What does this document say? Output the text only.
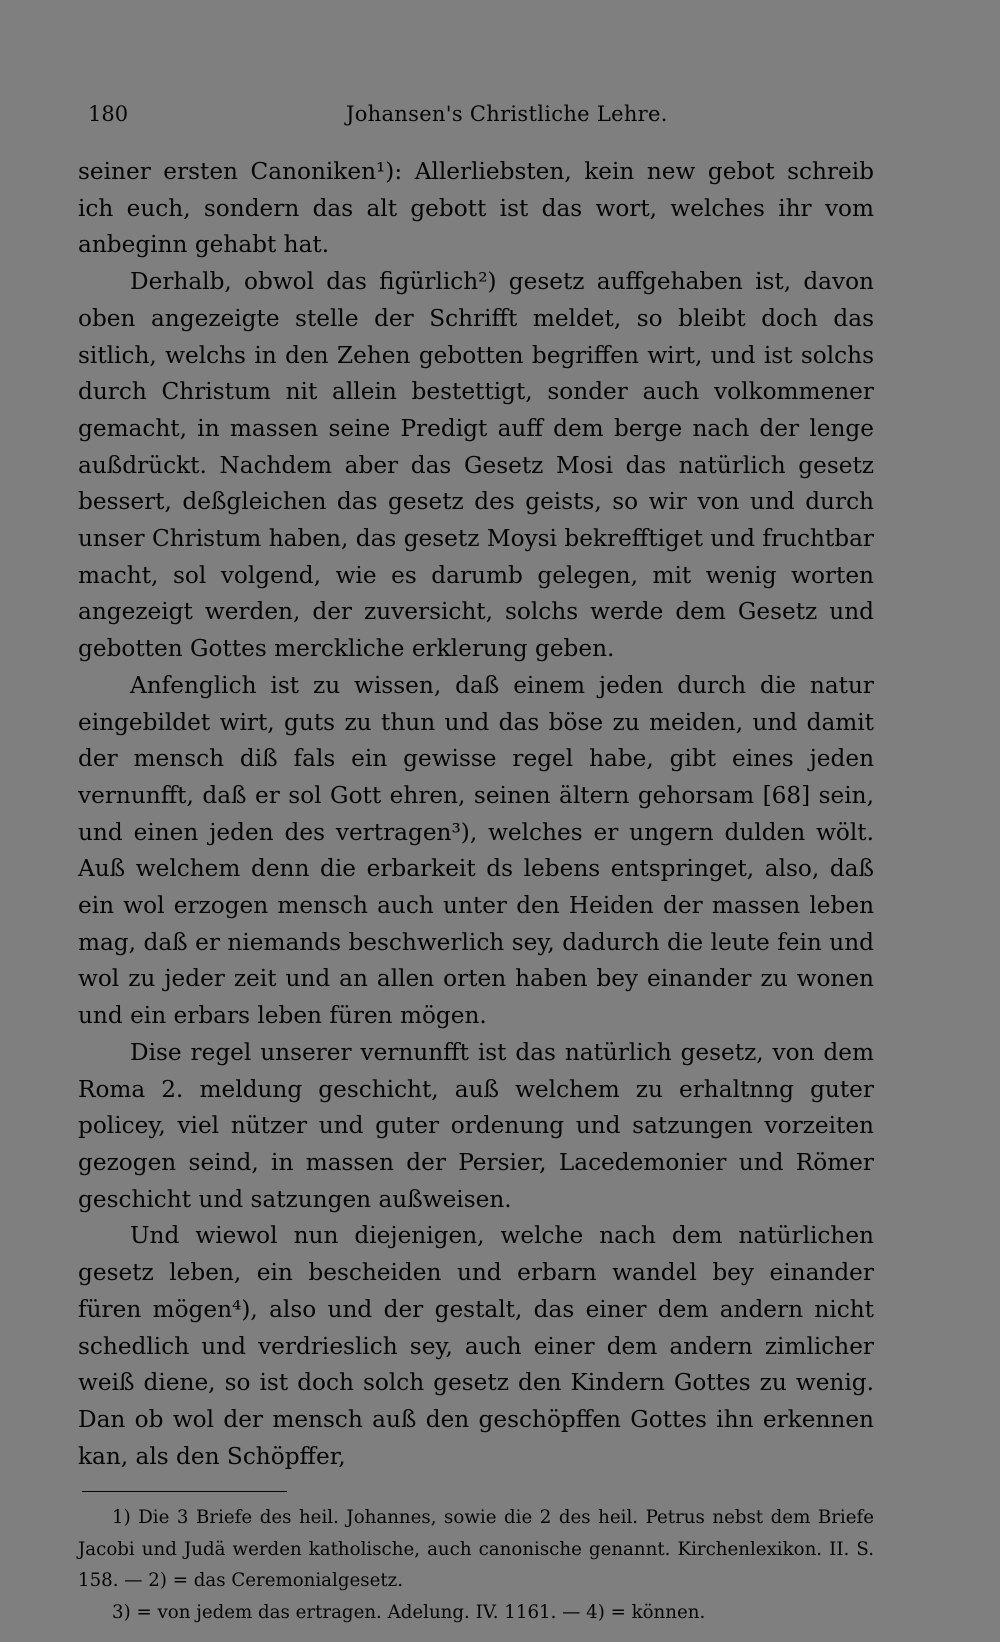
180	Johansen's Christliche Lehre.

seiner ersten Canoniken¹): Allerliebsten, kein new gebot schreib ich euch, sondern das alt gebott ist das wort, welches ihr vom anbeginn gehabt hat.

Derhalb, obwol das figürlich²) gesetz auffgehaben ist, davon oben angezeigte stelle der Schrifft meldet, so bleibt doch das sitlich, welchs in den Zehen gebotten begriffen wirt, und ist solchs durch Christum nit allein bestettigt, sonder auch volkommener gemacht, in massen seine Predigt auff dem berge nach der lenge außdrückt. Nachdem aber das Gesetz Mosi das natürlich gesetz bessert, deßgleichen das gesetz des geists, so wir von und durch unser Christum haben, das gesetz Moysi bekrefftiget und fruchtbar macht, sol volgend, wie es darumb gelegen, mit wenig worten angezeigt werden, der zuversicht, solchs werde dem Gesetz und gebotten Gottes merckliche erklerung geben.

Anfenglich ist zu wissen, daß einem jeden durch die natur eingebildet wirt, guts zu thun und das böse zu meiden, und damit der mensch diß fals ein gewisse regel habe, gibt eines jeden vernunfft, daß er sol Gott ehren, seinen ältern gehorsam [68] sein, und einen jeden des vertragen³), welches er ungern dulden wölt. Auß welchem denn die erbarkeit ds lebens entspringet, also, daß ein wol erzogen mensch auch unter den Heiden der massen leben mag, daß er niemands beschwerlich sey, dadurch die leute fein und wol zu jeder zeit und an allen orten haben bey einander zu wonen und ein erbars leben füren mögen.

Dise regel unserer vernunfft ist das natürlich gesetz, von dem Roma 2. meldung geschicht, auß welchem zu erhaltnng guter policey, viel nützer und guter ordenung und satzungen vorzeiten gezogen seind, in massen der Persier, Lacedemonier und Römer geschicht und satzungen außweisen.

Und wiewol nun diejenigen, welche nach dem natürlichen gesetz leben, ein bescheiden und erbarn wandel bey einander füren mögen⁴), also und der gestalt, das einer dem andern nicht schedlich und verdrieslich sey, auch einer dem andern zimlicher weiß diene, so ist doch solch gesetz den Kindern Gottes zu wenig. Dan ob wol der mensch auß den geschöpffen Gottes ihn erkennen kan, als den Schöpffer,

1) Die 3 Briefe des heil. Johannes, sowie die 2 des heil. Petrus nebst dem Briefe Jacobi und Judä werden katholische, auch canonische genannt. Kirchenlexikon. II. S. 158. — 2) = das Ceremonialgesetz.

3) = von jedem das ertragen. Adelung. IV. 1161. — 4) = können.
